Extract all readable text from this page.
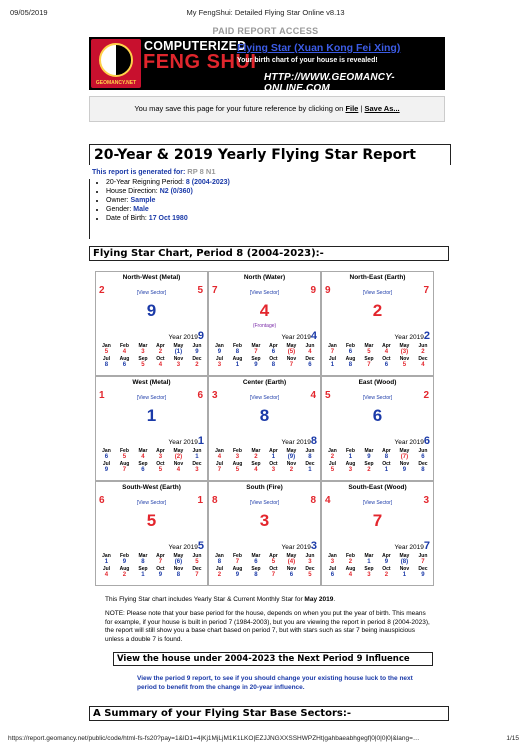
09/05/2019	My FengShui: Detailed Flying Star Online v8.13
PAID REPORT ACCESS
GEOMANCY.NET
COMPUTERIZED
FENG SHUI
Flying Star (Xuan Kong Fei Xing)
Your birth chart of your house is revealed!
HTTP://WWW.GEOMANCY-ONLINE.COM
You may save this page for your future reference by clicking on File | Save As...
20-Year & 2019 Yearly Flying Star Report
This report is generated for: RP 8 N1
• 20-Year Reigning Period: 8 (2004-2023)
• House Direction: N2 (0/360)
• Owner: Sample
• Gender: Male
• Date of Birth: 17 Oct 1980
Flying Star Chart, Period 8 (2004-2023):-
North-West (Metal)
2	5
[View Sector]
9
Year 20199
Jan	Feb	Mar	Apr	May	Jun
5	4	3	2	(1)	9
Jul	Aug	Sep	Oct	Nov	Dec
8	6	5	4	3	2
North (Water)
7	9
[View Sector]
4
(Frontage)
Year 20194
Jan	Feb	Mar	Apr	May	Jun
9	8	7	6	(5)	4
Jul	Aug	Sep	Oct	Nov	Dec
3	1	9	8	7	6
North-East (Earth)
9	7
[View Sector]
2
Year 20192
Jan	Feb	Mar	Apr	May	Jun
7	6	5	4	(3)	2
Jul	Aug	Sep	Oct	Nov	Dec
1	8	7	6	5	4
West (Metal)
1	6
[View Sector]
1
Year 20191
Jan	Feb	Mar	Apr	May	Jun
6	5	4	3	(2)	1
Jul	Aug	Sep	Oct	Nov	Dec
9	7	6	5	4	3
Center (Earth)
3	4
[View Sector]
8
Year 20198
Jan	Feb	Mar	Apr	May	Jun
4	3	2	1	(9)	8
Jul	Aug	Sep	Oct	Nov	Dec
7	5	4	3	2	1
East (Wood)
5	2
[View Sector]
6
Year 20196
Jan	Feb	Mar	Apr	May	Jun
2	1	9	8	(7)	6
Jul	Aug	Sep	Oct	Nov	Dec
5	3	2	1	9	8
South-West (Earth)
6	1
[View Sector]
5
Year 20195
Jan	Feb	Mar	Apr	May	Jun
1	9	8	7	(6)	5
Jul	Aug	Sep	Oct	Nov	Dec
4	2	1	9	8	7
South (Fire)
8	8
[View Sector]
3
Year 20193
Jan	Feb	Mar	Apr	May	Jun
8	7	6	5	(4)	3
Jul	Aug	Sep	Oct	Nov	Dec
2	9	8	7	6	5
South-East (Wood)
4	3
[View Sector]
7
Year 20197
Jan	Feb	Mar	Apr	May	Jun
3	2	1	9	(8)	7
Jul	Aug	Sep	Oct	Nov	Dec
6	4	3	2	1	9
This Flying Star chart includes Yearly Star & Current Monthly Star for May 2019.
NOTE: Please note that your base period for the house, depends on when you put the year of birth. This means for example, if your house is built in period 7 (1984-2003), but you are viewing the report in period 8 (2004-2023), the report will still show you a base chart based on period 7, but with stars such as star 7 being inauspicious unless a double 7 is found.
View the house under 2004-2023 the Next Period 9 Influence
View the period 9 report, to see if you should change your existing house luck to the next period to benefit from the change in 20-year influence.
A Summary of your Flying Star Base Sectors:-
https://report.geomancy.net/public/code/html-fs-fs20?pay=1&ID1=4|Kj1MjLjM1K1LKO|EZJJNGXXSSHWPZHt|gahbaeabhgegf|0|0|0|0|&lang=…	1/15
